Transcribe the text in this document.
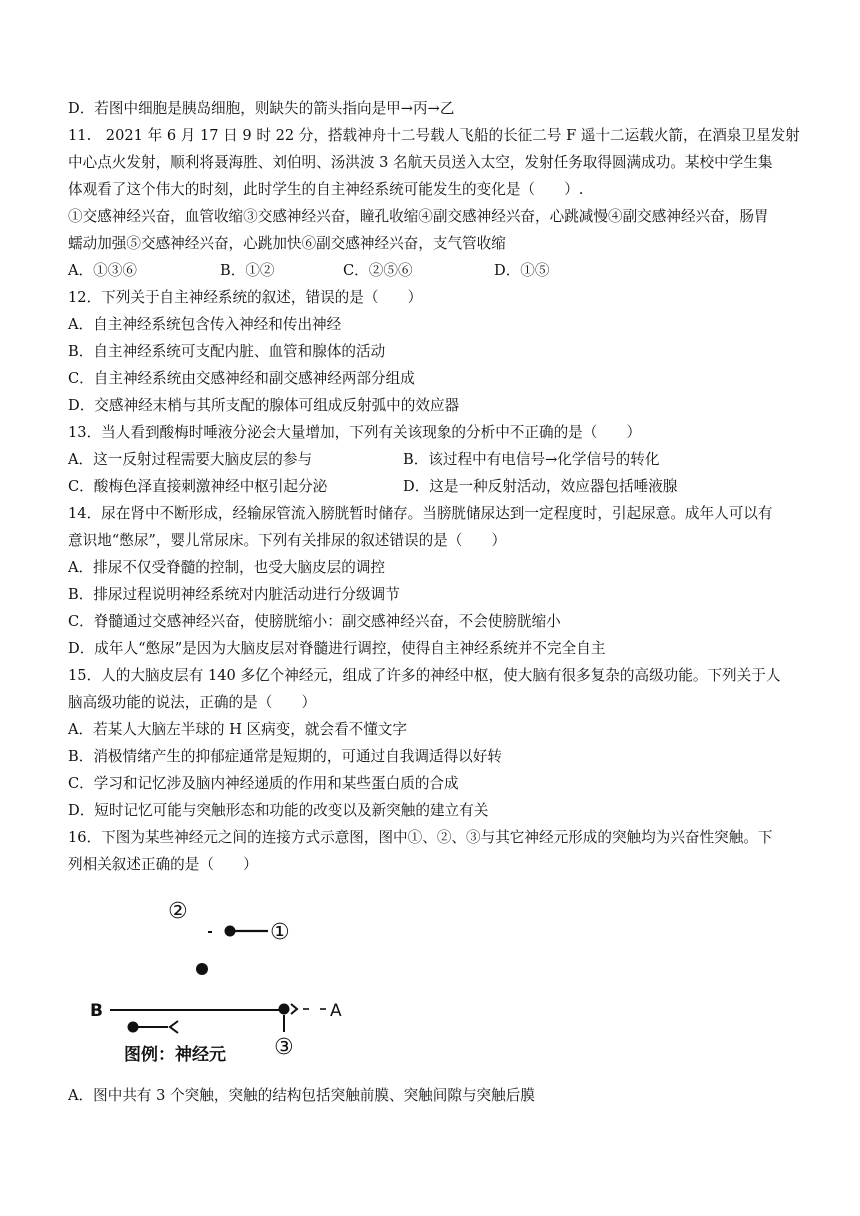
D．若图中细胞是胰岛细胞，则缺失的箭头指向是甲→丙→乙
11.　2021 年 6 月 17 日 9 时 22 分，搭载神舟十二号载人飞船的长征二号 F 遥十二运载火箭，在酒泉卫星发射
中心点火发射，顺利将聂海胜、刘伯明、汤洪波 3 名航天员送入太空，发射任务取得圆满成功。某校中学生集
体观看了这个伟大的时刻，此时学生的自主神经系统可能发生的变化是（　　）.
①交感神经兴奋，血管收缩③交感神经兴奋，瞳孔收缩④副交感神经兴奋，心跳减慢④副交感神经兴奋，肠胃
蠕动加强⑤交感神经兴奋，心跳加快⑥副交感神经兴奋，支气管收缩
A．①③⑥	B．①②	C．②⑤⑥	D．①⑤
12．下列关于自主神经系统的叙述，错误的是（　　）
A．自主神经系统包含传入神经和传出神经
B．自主神经系统可支配内脏、血管和腺体的活动
C．自主神经系统由交感神经和副交感神经两部分组成
D．交感神经末梢与其所支配的腺体可组成反射弧中的效应器
13．当人看到酸梅时唾液分泌会大量增加，下列有关该现象的分析中不正确的是（　　）
A．这一反射过程需要大脑皮层的参与	B．该过程中有电信号→化学信号的转化
C．酸梅色泽直接刺激神经中枢引起分泌	D．这是一种反射活动，效应器包括唾液腺
14．尿在肾中不断形成，经输尿管流入膀胱暂时储存。当膀胱储尿达到一定程度时，引起尿意。成年人可以有
意识地“憋尿”，婴儿常尿床。下列有关排尿的叙述错误的是（　　）
A．排尿不仅受脊髓的控制，也受大脑皮层的调控
B．排尿过程说明神经系统对内脏活动进行分级调节
C．脊髓通过交感神经兴奋，使膀胱缩小：副交感神经兴奋，不会使膀胱缩小
D．成年人“憋尿”是因为大脑皮层对脊髓进行调控，使得自主神经系统并不完全自主
15．人的大脑皮层有 140 多亿个神经元，组成了许多的神经中枢，使大脑有很多复杂的高级功能。下列关于人
脑高级功能的说法，正确的是（　　）
A．若某人大脑左半球的 H 区病变，就会看不懂文字
B．消极情绪产生的抑郁症通常是短期的，可通过自我调适得以好转
C．学习和记忆涉及脑内神经递质的作用和某些蛋白质的合成
D．短时记忆可能与突触形态和功能的改变以及新突触的建立有关
16．下图为某些神经元之间的连接方式示意图，图中①、②、③与其它神经元形成的突触均为兴奋性突触。下
列相关叙述正确的是（　　）
②
①
B	A
③
图例：神经元
A．图中共有 3 个突触，突触的结构包括突触前膜、突触间隙与突触后膜
